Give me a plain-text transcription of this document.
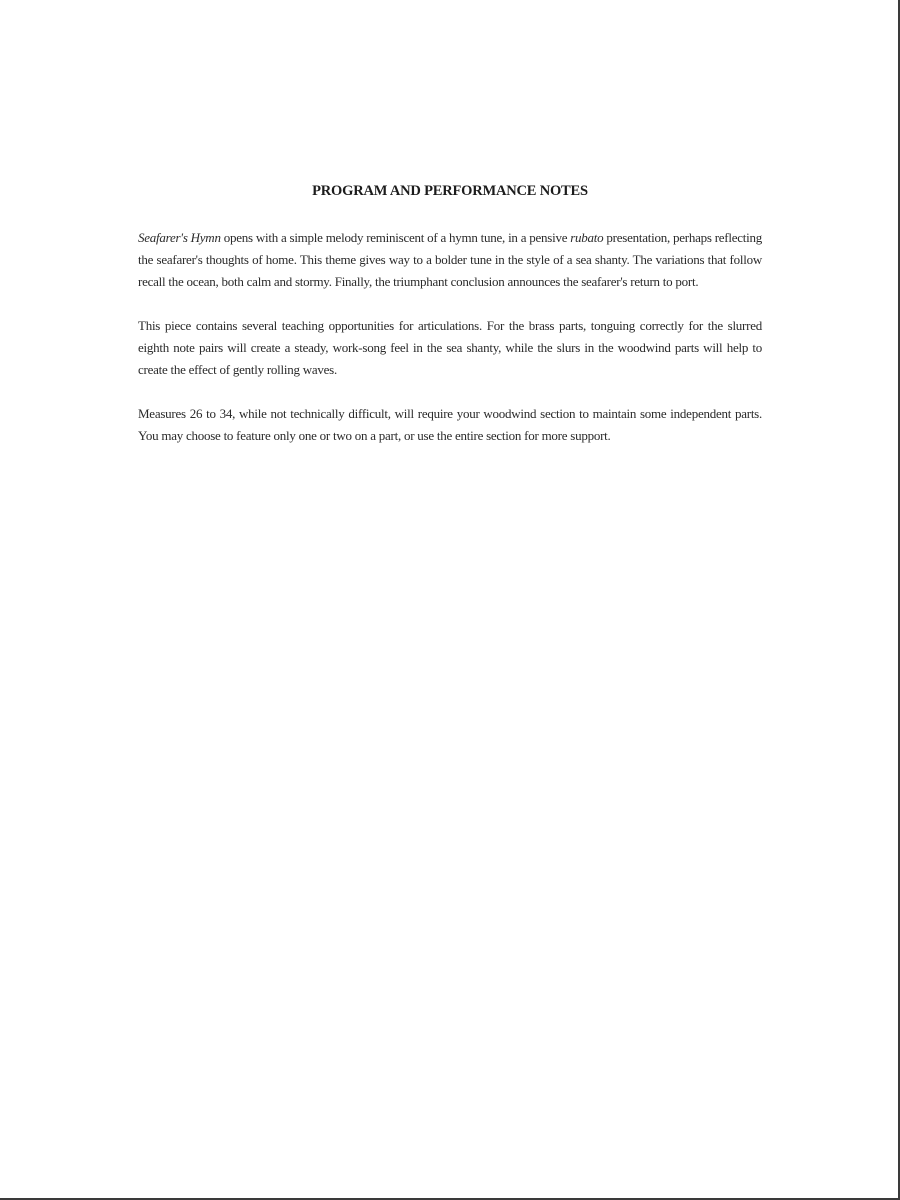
PROGRAM AND PERFORMANCE NOTES

Seafarer's Hymn opens with a simple melody reminiscent of a hymn tune, in a pensive rubato presentation, perhaps reflecting the seafarer's thoughts of home. This theme gives way to a bolder tune in the style of a sea shanty. The variations that follow recall the ocean, both calm and stormy. Finally, the triumphant conclusion announces the seafarer's return to port.

This piece contains several teaching opportunities for articulations. For the brass parts, tonguing correctly for the slurred eighth note pairs will create a steady, work-song feel in the sea shanty, while the slurs in the woodwind parts will help to create the effect of gently rolling waves.

Measures 26 to 34, while not technically difficult, will require your woodwind section to maintain some independent parts. You may choose to feature only one or two on a part, or use the entire section for more support.
